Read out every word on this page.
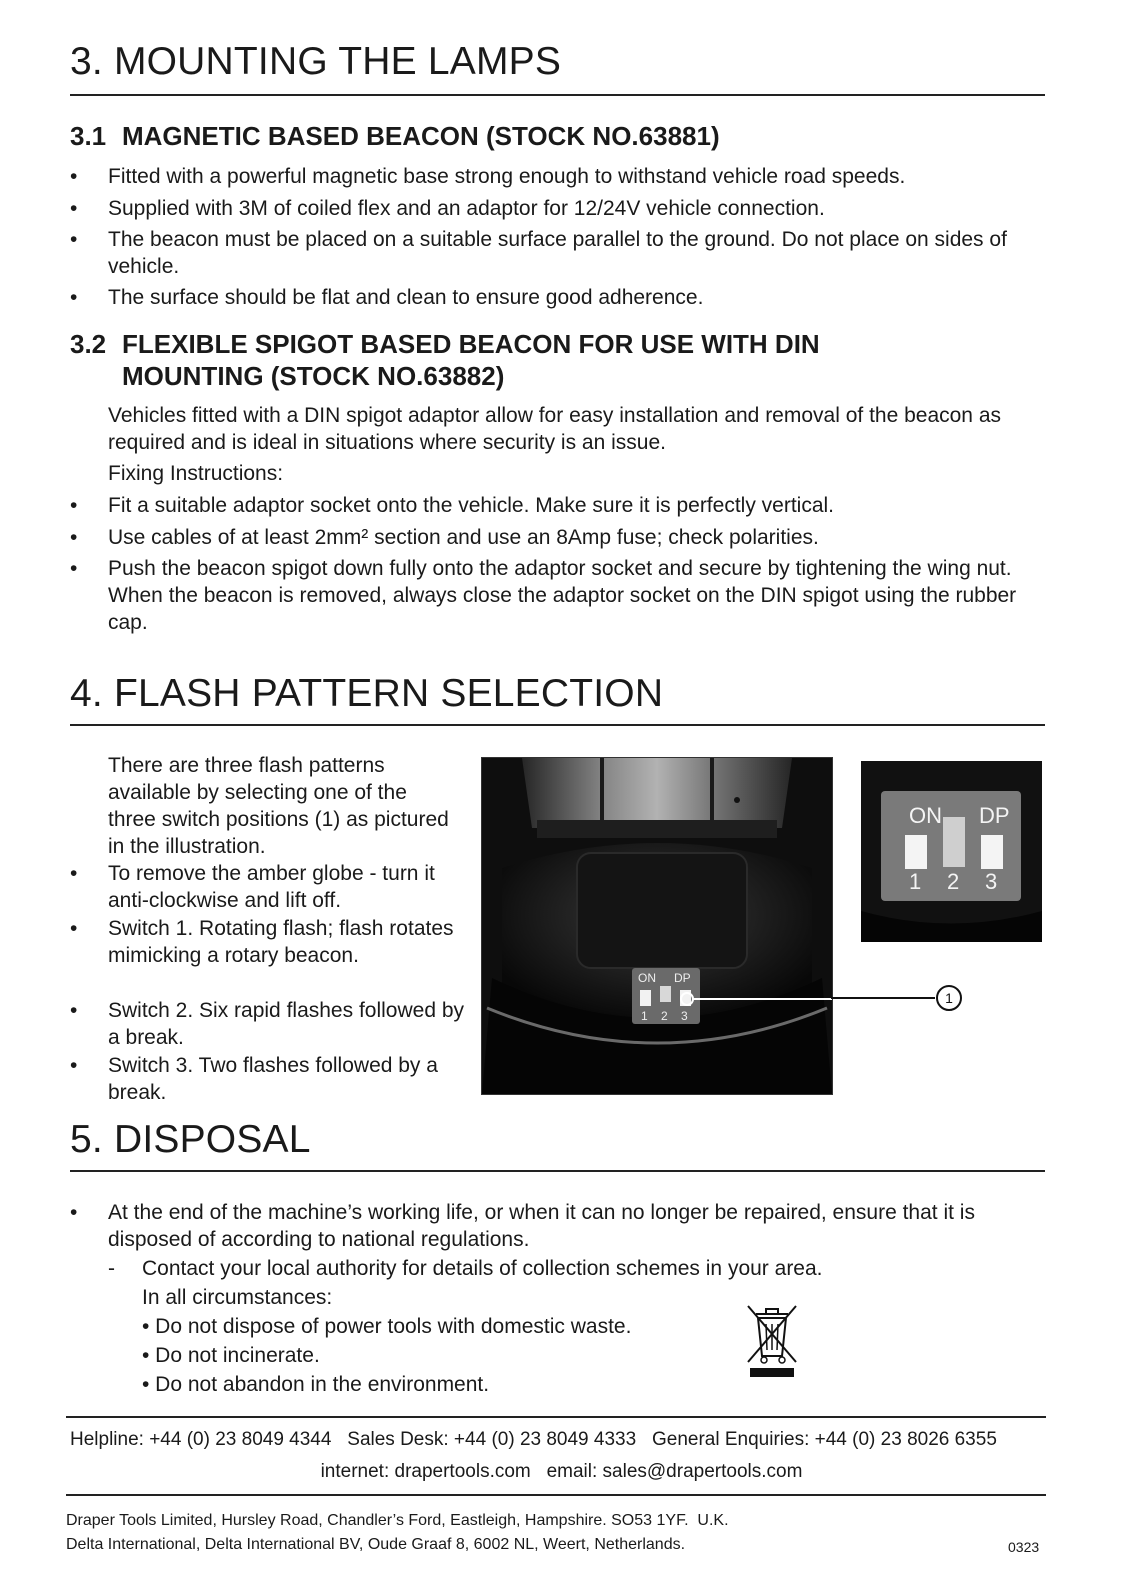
3. MOUNTING THE LAMPS
3.1 MAGNETIC BASED BEACON (STOCK NO.63881)
•	Fitted with a powerful magnetic base strong enough to withstand vehicle road speeds.
•	Supplied with 3M of coiled flex and an adaptor for 12/24V vehicle connection.
•	The beacon must be placed on a suitable surface parallel to the ground. Do not place on sides of vehicle.
•	The surface should be flat and clean to ensure good adherence.
3.2 FLEXIBLE SPIGOT BASED BEACON FOR USE WITH DIN
MOUNTING (STOCK NO.63882)
Vehicles fitted with a DIN spigot adaptor allow for easy installation and removal of the beacon as required and is ideal in situations where security is an issue.
Fixing Instructions:
•	Fit a suitable adaptor socket onto the vehicle. Make sure it is perfectly vertical.
•	Use cables of at least 2mm² section and use an 8Amp fuse; check polarities.
•	Push the beacon spigot down fully onto the adaptor socket and secure by tightening the wing nut. When the beacon is removed, always close the adaptor socket on the DIN spigot using the rubber cap.
4. FLASH PATTERN SELECTION
There are three flash patterns available by selecting one of the three switch positions (1) as pictured in the illustration.
•	To remove the amber globe - turn it anti-clockwise and lift off.
•	Switch 1. Rotating flash; flash rotates mimicking a rotary beacon.
•	Switch 2. Six rapid flashes followed by a break.
•	Switch 3. Two flashes followed by a break.
ON DP
1 2 3
1
ON DP
1 2 3
5. DISPOSAL
•	At the end of the machine’s working life, or when it can no longer be repaired, ensure that it is disposed of according to national regulations.
- Contact your local authority for details of collection schemes in your area.
In all circumstances:
• Do not dispose of power tools with domestic waste.
• Do not incinerate.
• Do not abandon in the environment.
Helpline: +44 (0) 23 8049 4344   Sales Desk: +44 (0) 23 8049 4333   General Enquiries: +44 (0) 23 8026 6355
internet: drapertools.com   email: sales@drapertools.com
Draper Tools Limited, Hursley Road, Chandler’s Ford, Eastleigh, Hampshire. SO53 1YF.  U.K.
Delta International, Delta International BV, Oude Graaf 8, 6002 NL, Weert, Netherlands.	0323
